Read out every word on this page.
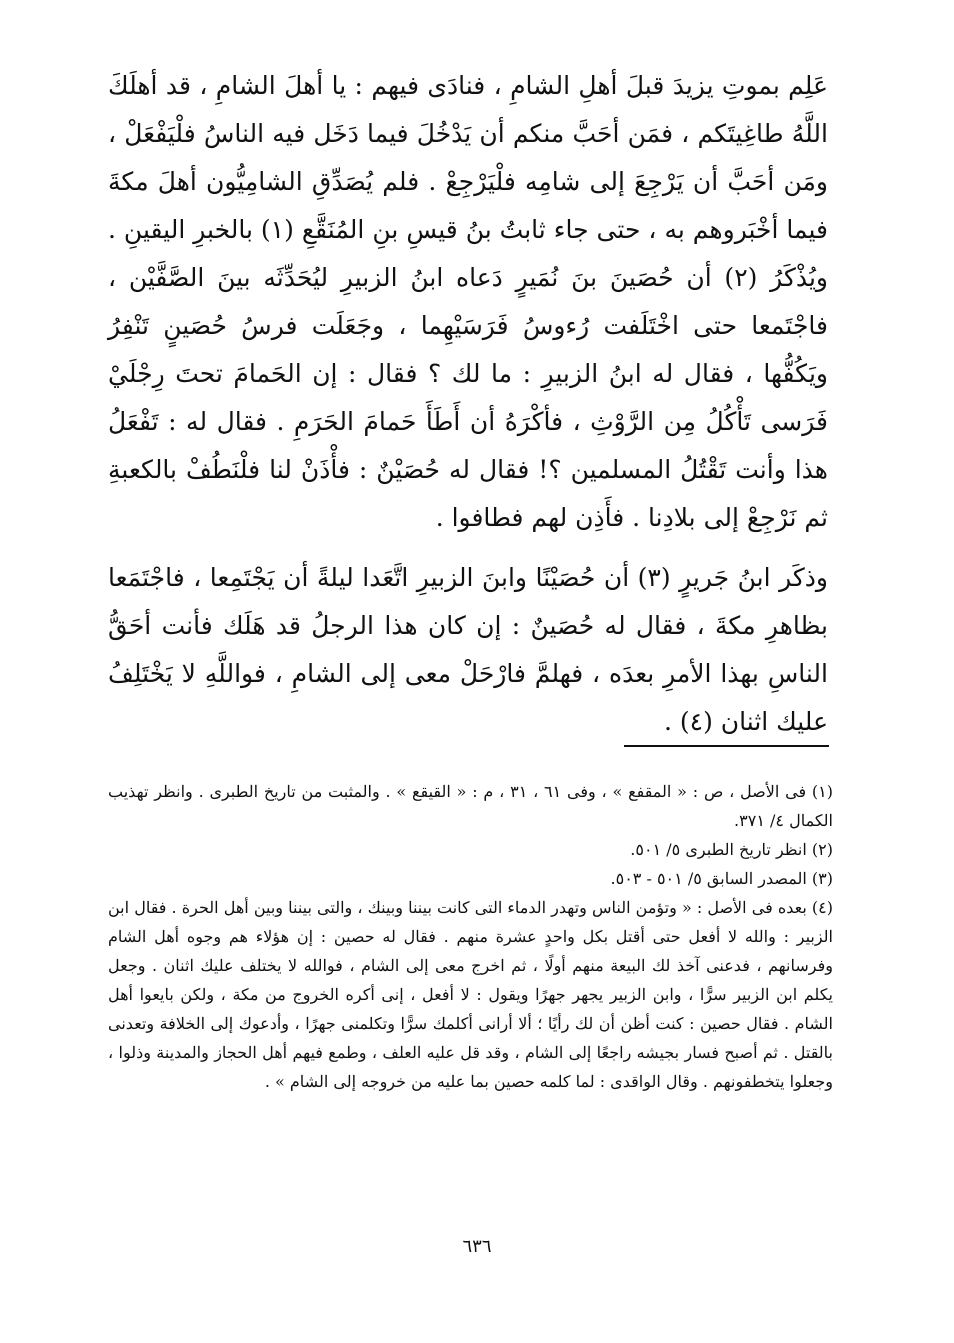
عَلِم بموتِ يزيدَ قبلَ أهلِ الشامِ ، فنادَى فيهم : يا أهلَ الشامِ ، قد أهلَكَ اللَّهُ طاغِيتَكم ، فمَن أحَبَّ منكم أن يَدْخُلَ فيما دَخَل فيه الناسُ فلْيَفْعَلْ ، ومَن أحَبَّ أن يَرْجِعَ إلى شامِه فلْيَرْجِعْ . فلم يُصَدِّقِ الشامِيُّون أهلَ مكةَ فيما أخْبَروهم به ، حتى جاء ثابتُ بنُ قيسِ بنِ المُنَقَّعِ (١) بالخبرِ اليقينِ . ويُذْكَرُ (٢) أن حُصَينَ بنَ نُمَيرٍ دَعاه ابنُ الزبيرِ ليُحَدِّثَه بينَ الصَّفَّيْن ، فاجْتَمعا حتى اخْتَلَفت رُءوسُ فَرَسَيْهِما ، وجَعَلَت فرسُ حُصَينٍ تَنْفِرُ ويَكُفُّها ، فقال له ابنُ الزبيرِ : ما لك ؟ فقال : إن الحَمامَ تحتَ رِجْلَيْ فَرَسى تَأْكُلُ مِن الرَّوْثِ ، فأكْرَهُ أن أَطَأَ حَمامَ الحَرَمِ . فقال له : تَفْعَلُ هذا وأنت تَقْتُلُ المسلمين ؟! فقال له حُصَيْنٌ : فأْذَنْ لنا فلْنَطُفْ بالكعبةِ ثم نَرْجِعْ إلى بلادِنا . فأَذِن لهم فطافوا .

وذكَر ابنُ جَريرٍ (٣) أن حُصَيْنًا وابنَ الزبيرِ اتَّعَدا ليلةً أن يَجْتَمِعا ، فاجْتَمَعا بظاهرِ مكةَ ، فقال له حُصَينٌ : إن كان هذا الرجلُ قد هَلَك فأنت أحَقُّ الناسِ بهذا الأمرِ بعدَه ، فهلمَّ فارْحَلْ معى إلى الشامِ ، فواللَّهِ لا يَخْتَلِفُ عليك اثنان (٤) .

(١) فى الأصل ، ص : « المقفع » ، وفى ٦١ ، ٣١ ، م : « القيقع » . والمثبت من تاريخ الطبرى . وانظر تهذيب الكمال ٤/ ٣٧١.

(٢) انظر تاريخ الطبرى ٥/ ٥٠١.

(٣) المصدر السابق ٥/ ٥٠١ - ٥٠٣.

(٤) بعده فى الأصل : « وتؤمن الناس وتهدر الدماء التى كانت بيننا وبينك ، والتى بيننا وبين أهل الحرة . فقال ابن الزبير : والله لا أفعل حتى أقتل بكل واحدٍ عشرة منهم . فقال له حصين : إن هؤلاء هم وجوه أهل الشام وفرسانهم ، فدعنى آخذ لك البيعة منهم أولًا ، ثم اخرج معى إلى الشام ، فوالله لا يختلف عليك اثنان . وجعل يكلم ابن الزبير سرًّا ، وابن الزبير يجهر جهرًا ويقول : لا أفعل ، إنى أكره الخروج من مكة ، ولكن بايعوا أهل الشام . فقال حصين : كنت أظن أن لك رأيًا ؛ ألا أرانى أكلمك سرًّا وتكلمنى جهرًا ، وأدعوك إلى الخلافة وتعدنى بالقتل . ثم أصبح فسار بجيشه راجعًا إلى الشام ، وقد قل عليه العلف ، وطمع فيهم أهل الحجاز والمدينة وذلوا ، وجعلوا يتخطفونهم . وقال الواقدى : لما كلمه حصين بما عليه من خروجه إلى الشام » .

٦٣٦
